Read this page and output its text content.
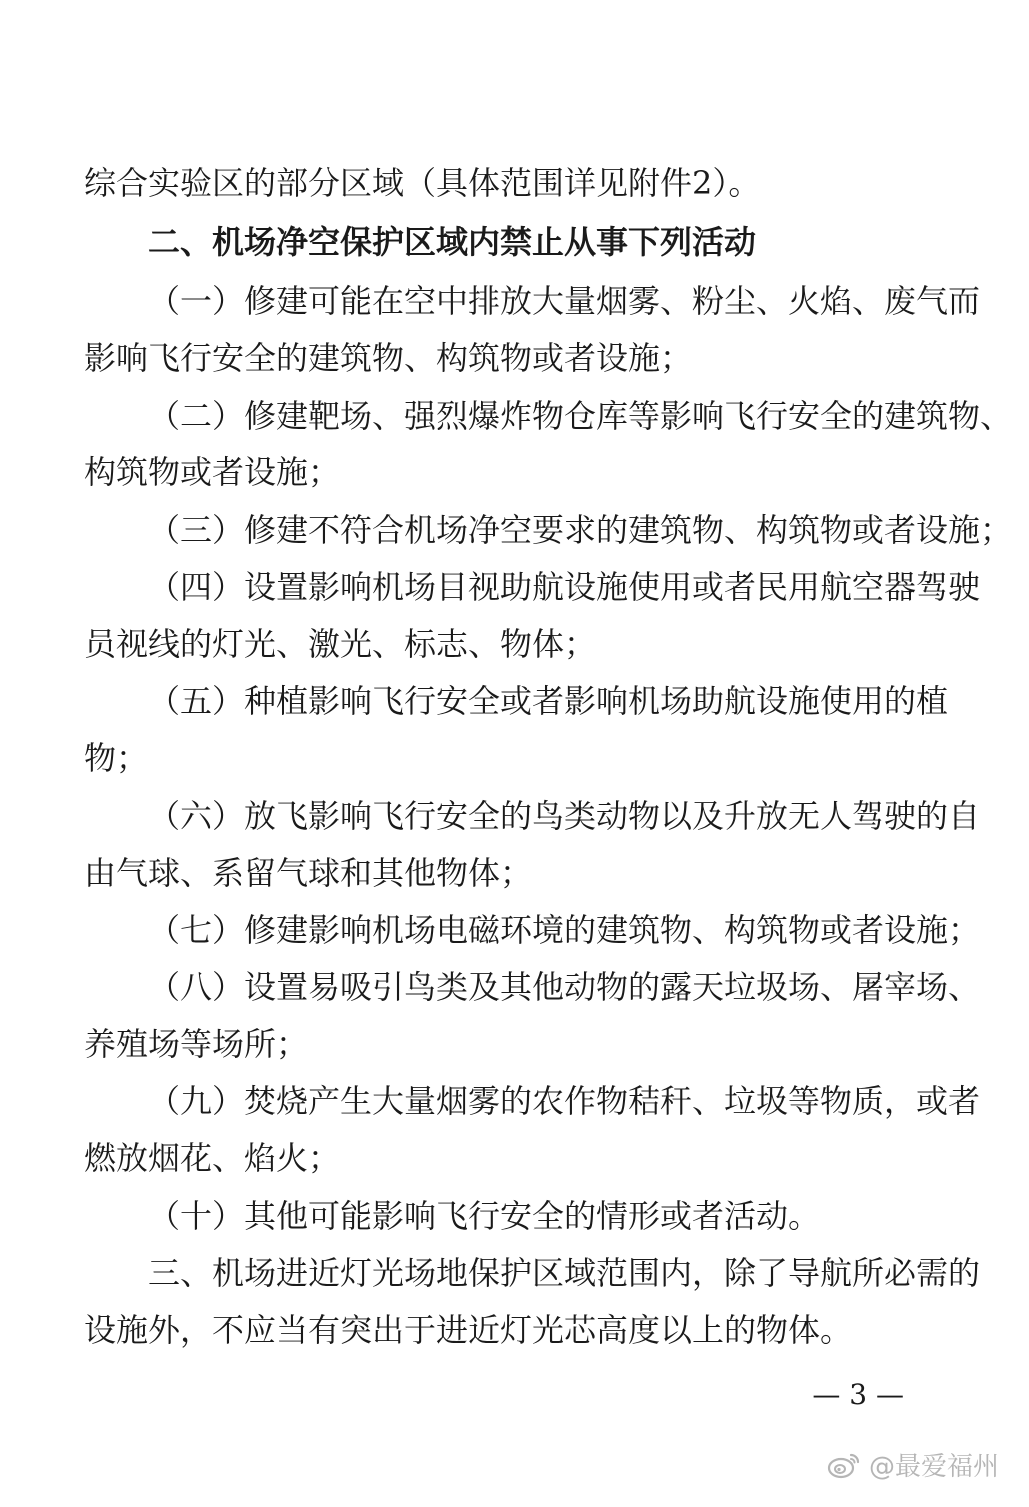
综合实验区的部分区域（具体范围详见附件2）。
二、机场净空保护区域内禁止从事下列活动
（一）修建可能在空中排放大量烟雾、粉尘、火焰、废气而
影响飞行安全的建筑物、构筑物或者设施；
（二）修建靶场、强烈爆炸物仓库等影响飞行安全的建筑物、
构筑物或者设施；
（三）修建不符合机场净空要求的建筑物、构筑物或者设施；
（四）设置影响机场目视助航设施使用或者民用航空器驾驶
员视线的灯光、激光、标志、物体；
（五）种植影响飞行安全或者影响机场助航设施使用的植
物；
（六）放飞影响飞行安全的鸟类动物以及升放无人驾驶的自
由气球、系留气球和其他物体；
（七）修建影响机场电磁环境的建筑物、构筑物或者设施；
（八）设置易吸引鸟类及其他动物的露天垃圾场、屠宰场、
养殖场等场所；
（九）焚烧产生大量烟雾的农作物秸秆、垃圾等物质，或者
燃放烟花、焰火；
（十）其他可能影响飞行安全的情形或者活动。
三、机场进近灯光场地保护区域范围内，除了导航所必需的
设施外，不应当有突出于进近灯光芯高度以上的物体。
— 3 —
@最爱福州
